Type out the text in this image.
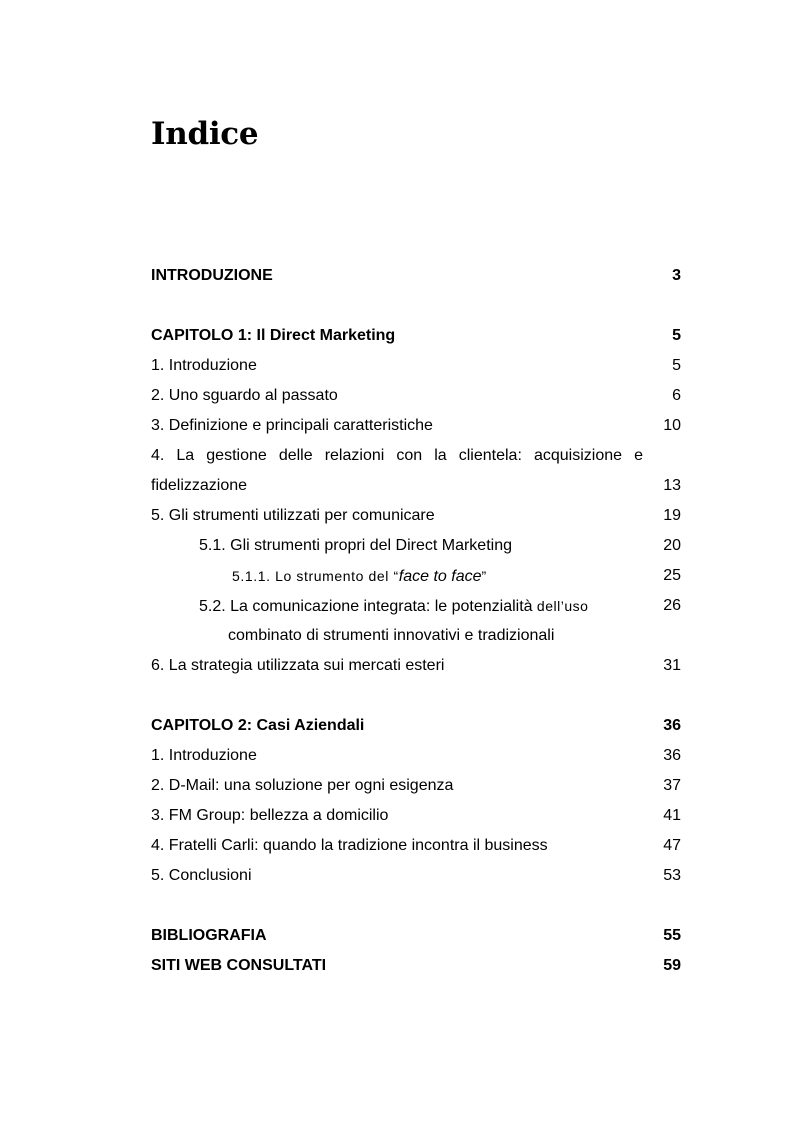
Indice
INTRODUZIONE	3
CAPITOLO 1: Il Direct Marketing	5
1. Introduzione	5
2. Uno sguardo al passato	6
3. Definizione e principali caratteristiche	10
4. La gestione delle relazioni con la clientela: acquisizione e
fidelizzazione	13
5. Gli strumenti utilizzati per comunicare	19
5.1. Gli strumenti propri del Direct Marketing	20
5.1.1. Lo strumento del “face to face”	25
5.2. La comunicazione integrata: le potenzialità dell’uso	26
combinato di strumenti innovativi e tradizionali
6. La strategia utilizzata sui mercati esteri	31
CAPITOLO 2: Casi Aziendali	36
1. Introduzione	36
2. D-Mail: una soluzione per ogni esigenza	37
3. FM Group: bellezza a domicilio	41
4. Fratelli Carli: quando la tradizione incontra il business	47
5. Conclusioni	53
BIBLIOGRAFIA	55
SITI WEB CONSULTATI	59
